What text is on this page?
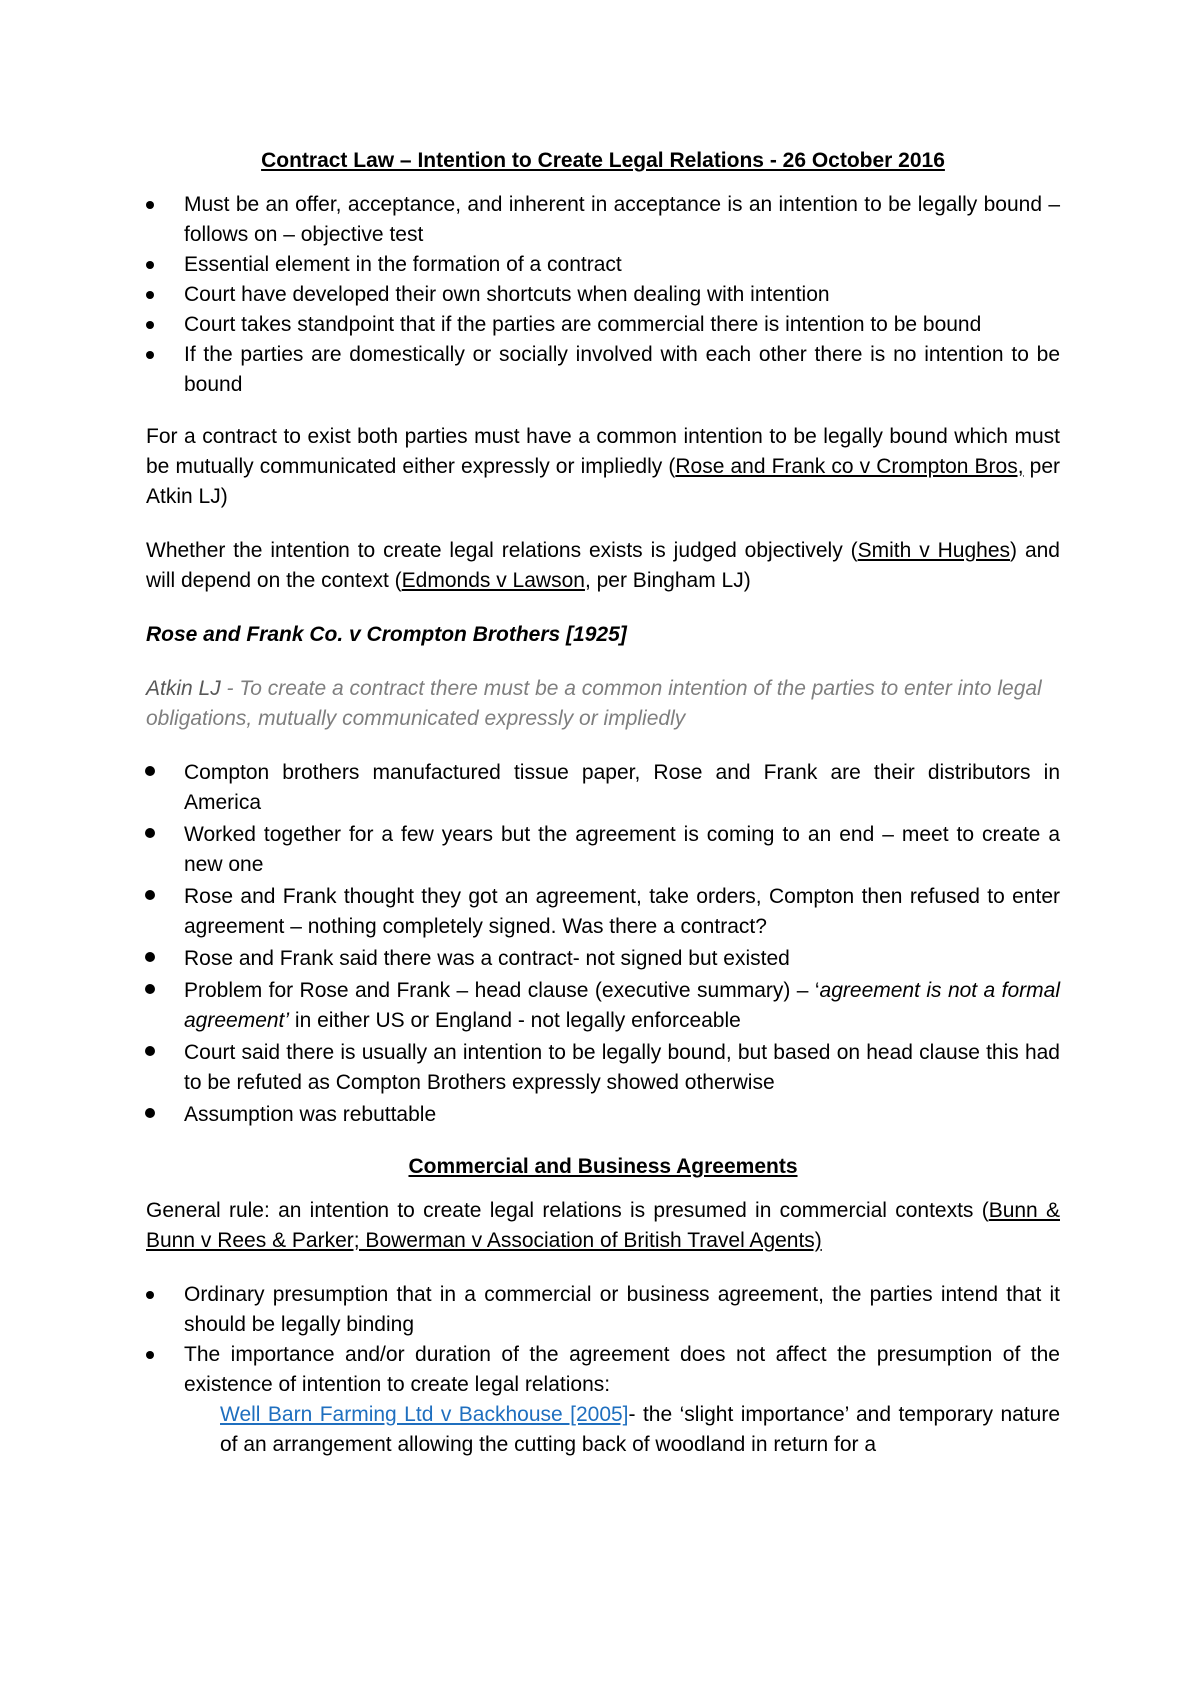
Contract Law – Intention to Create Legal Relations - 26 October 2016
Must be an offer, acceptance, and inherent in acceptance is an intention to be legally bound – follows on – objective test
Essential element in the formation of a contract
Court have developed their own shortcuts when dealing with intention
Court takes standpoint that if the parties are commercial there is intention to be bound
If the parties are domestically or socially involved with each other there is no intention to be bound

For a contract to exist both parties must have a common intention to be legally bound which must be mutually communicated either expressly or impliedly (Rose and Frank co v Crompton Bros, per Atkin LJ)

Whether the intention to create legal relations exists is judged objectively (Smith v Hughes) and will depend on the context (Edmonds v Lawson, per Bingham LJ)

Rose and Frank Co. v Crompton Brothers [1925]
Atkin LJ - To create a contract there must be a common intention of the parties to enter into legal obligations, mutually communicated expressly or impliedly
Compton brothers manufactured tissue paper, Rose and Frank are their distributors in America
Worked together for a few years but the agreement is coming to an end – meet to create a new one
Rose and Frank thought they got an agreement, take orders, Compton then refused to enter agreement – nothing completely signed. Was there a contract?
Rose and Frank said there was a contract- not signed but existed
Problem for Rose and Frank – head clause (executive summary) – ‘agreement is not a formal agreement’ in either US or England - not legally enforceable
Court said there is usually an intention to be legally bound, but based on head clause this had to be refuted as Compton Brothers expressly showed otherwise
Assumption was rebuttable
Commercial and Business Agreements

General rule: an intention to create legal relations is presumed in commercial contexts (Bunn & Bunn v Rees & Parker; Bowerman v Association of British Travel Agents)

Ordinary presumption that in a commercial or business agreement, the parties intend that it should be legally binding
The importance and/or duration of the agreement does not affect the presumption of the existence of intention to create legal relations:
Well Barn Farming Ltd v Backhouse [2005]- the ‘slight importance’ and temporary nature of an arrangement allowing the cutting back of woodland in return for a
